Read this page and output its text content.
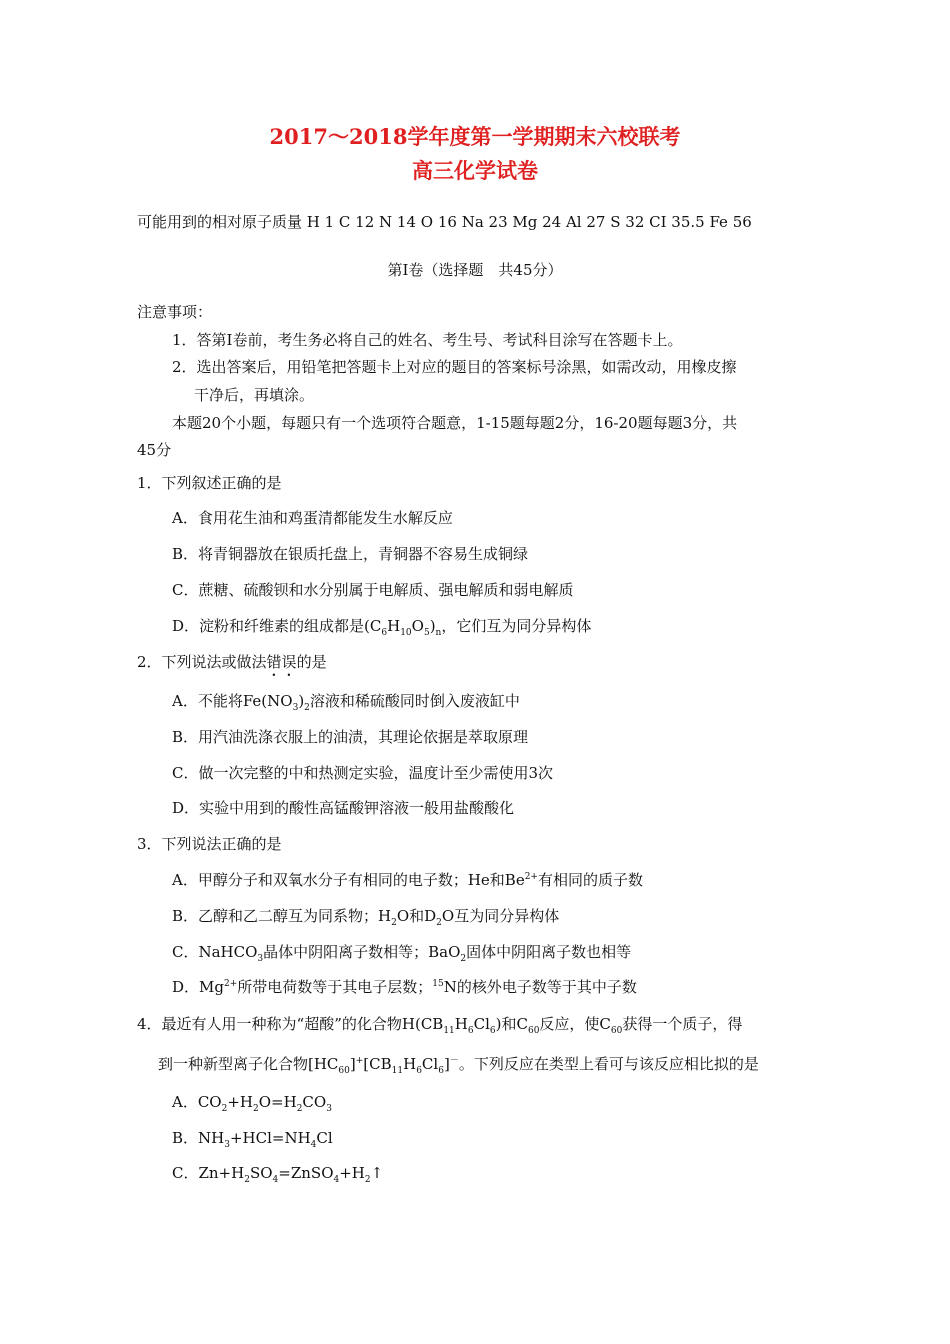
2017～2018学年度第一学期期末六校联考
高三化学试卷
可能用到的相对原子质量 H 1 C 12 N 14 O 16 Na 23 Mg 24 Al 27 S 32 CI 35.5 Fe 56
第Ⅰ卷（选择题　共45分）
注意事项：
1．答第Ⅰ卷前，考生务必将自己的姓名、考生号、考试科目涂写在答题卡上。
2．选出答案后，用铅笔把答题卡上对应的题目的答案标号涂黑，如需改动，用橡皮擦
干净后，再填涂。
本题20个小题，每题只有一个选项符合题意，1-15题每题2分，16-20题每题3分，共
45分
1．下列叙述正确的是
A．食用花生油和鸡蛋清都能发生水解反应
B．将青铜器放在银质托盘上，青铜器不容易生成铜绿
C．蔗糖、硫酸钡和水分别属于电解质、强电解质和弱电解质
D．淀粉和纤维素的组成都是$(C_6H_{10}O_5)_n$，它们互为同分异构体
2．下列说法或做法错误的是
A．不能将$Fe(NO_3)_2$溶液和稀硫酸同时倒入废液缸中
B．用汽油洗涤衣服上的油渍，其理论依据是萃取原理
C．做一次完整的中和热测定实验，温度计至少需使用3次
D．实验中用到的酸性高锰酸钾溶液一般用盐酸酸化
3．下列说法正确的是
A．甲醇分子和双氧水分子有相同的电子数；He和$Be^{2+}$有相同的质子数
B．乙醇和乙二醇互为同系物；$H_2O$和$D_2O$互为同分异构体
C．NaHCO$_3$晶体中阴阳离子数相等；BaO$_2$固体中阴阳离子数也相等
D．$Mg^{2+}$所带电荷数等于其电子层数；$^{15}$N的核外电子数等于其中子数
4．最近有人用一种称为“超酸”的化合物$H(CB_{11}H_6Cl_6)$和$C_{60}$反应，使$C_{60}$获得一个质子，得
到一种新型离子化合物$[HC_{60}]^+[CB_{11}H_6Cl_6]^-$。下列反应在类型上看可与该反应相比拟的是
A．$CO_2+H_2O=H_2CO_3$
B．$NH_3+HCl=NH_4Cl$
C．$Zn+H_2SO_4=ZnSO_4+H_2↑$
